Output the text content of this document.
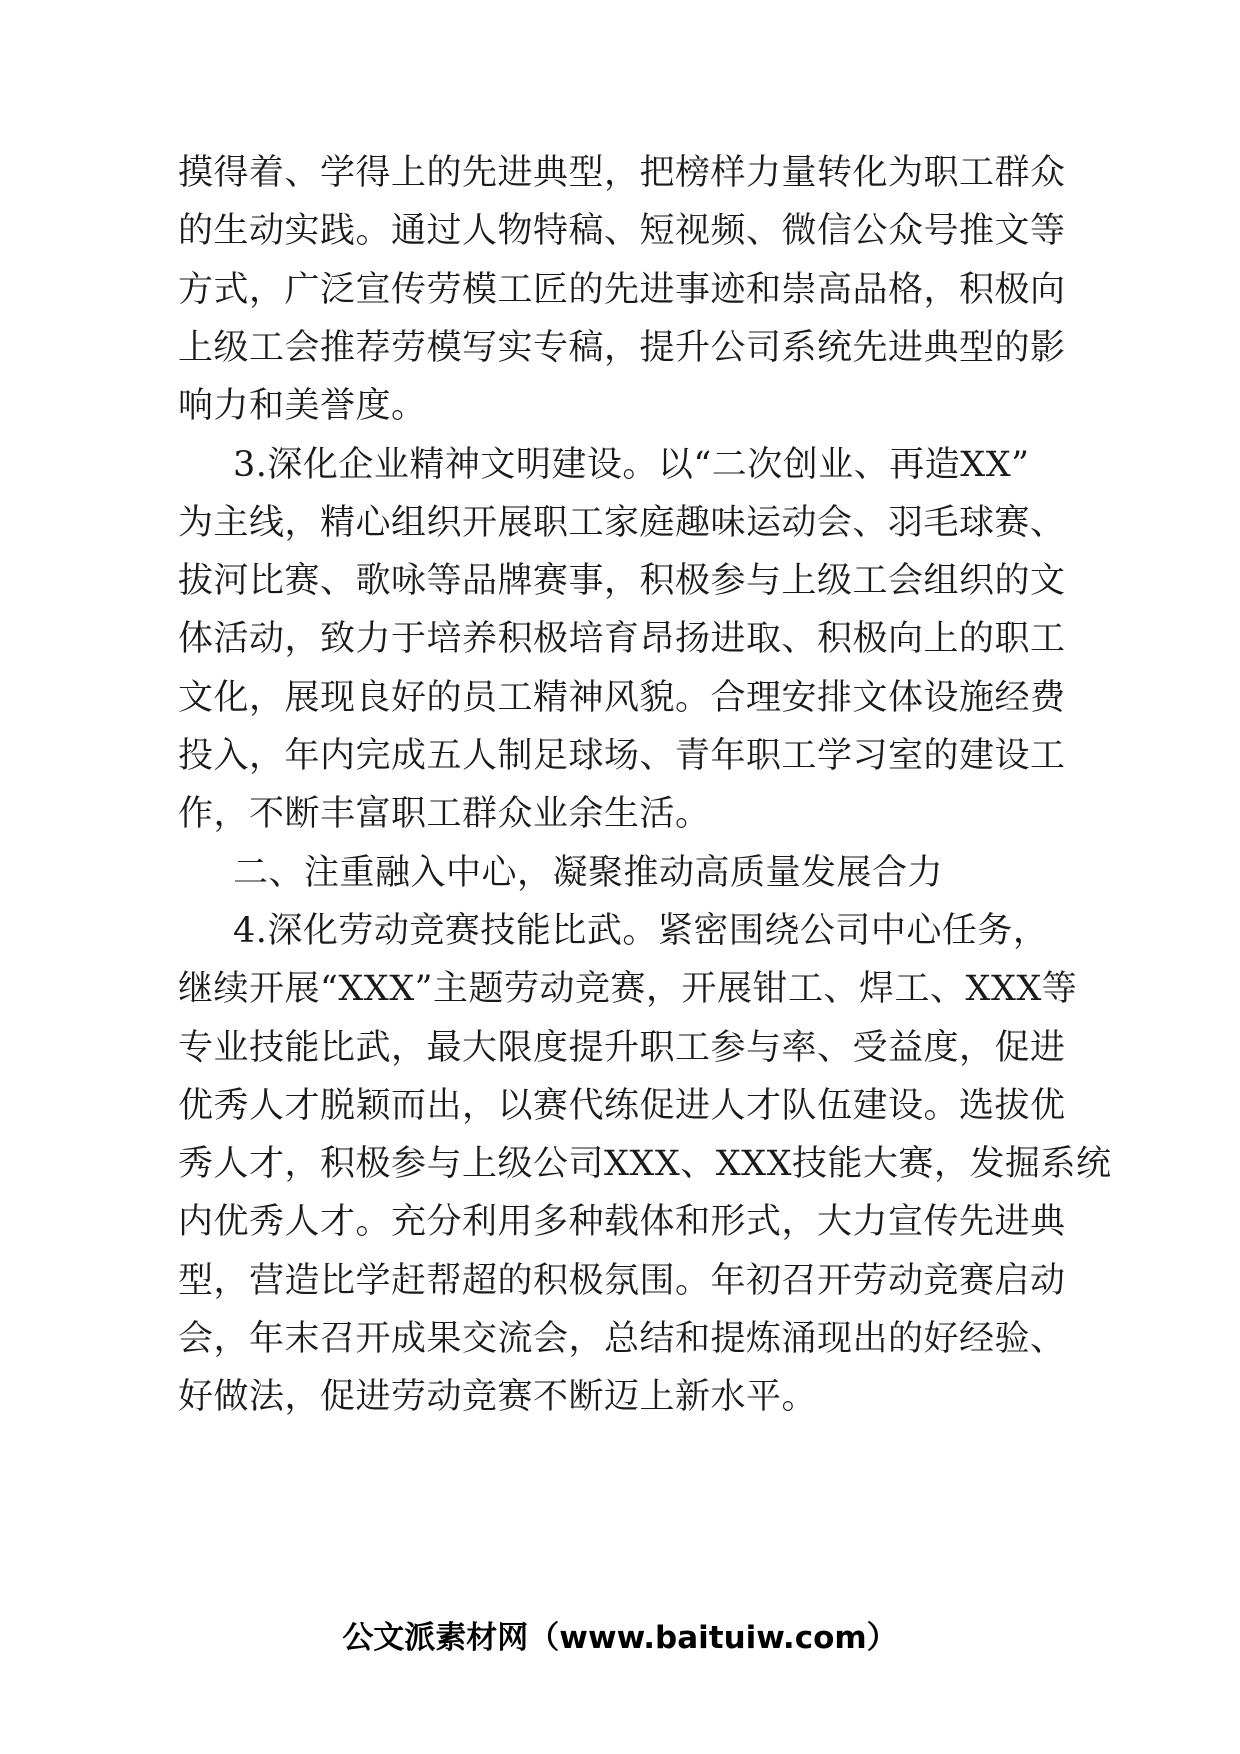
摸得着、学得上的先进典型，把榜样力量转化为职工群众
的生动实践。通过人物特稿、短视频、微信公众号推文等
方式，广泛宣传劳模工匠的先进事迹和崇高品格，积极向
上级工会推荐劳模写实专稿，提升公司系统先进典型的影
响力和美誉度。
3.深化企业精神文明建设。以“二次创业、再造XX”
为主线，精心组织开展职工家庭趣味运动会、羽毛球赛、
拔河比赛、歌咏等品牌赛事，积极参与上级工会组织的文
体活动，致力于培养积极培育昂扬进取、积极向上的职工
文化，展现良好的员工精神风貌。合理安排文体设施经费
投入，年内完成五人制足球场、青年职工学习室的建设工
作，不断丰富职工群众业余生活。
二、注重融入中心，凝聚推动高质量发展合力
4.深化劳动竞赛技能比武。紧密围绕公司中心任务，
继续开展“XXX”主题劳动竞赛，开展钳工、焊工、XXX等
专业技能比武，最大限度提升职工参与率、受益度，促进
优秀人才脱颖而出，以赛代练促进人才队伍建设。选拔优
秀人才，积极参与上级公司XXX、XXX技能大赛，发掘系统
内优秀人才。充分利用多种载体和形式，大力宣传先进典
型，营造比学赶帮超的积极氛围。年初召开劳动竞赛启动
会，年末召开成果交流会，总结和提炼涌现出的好经验、
好做法，促进劳动竞赛不断迈上新水平。
公文派素材网（www.baituiw.com）
